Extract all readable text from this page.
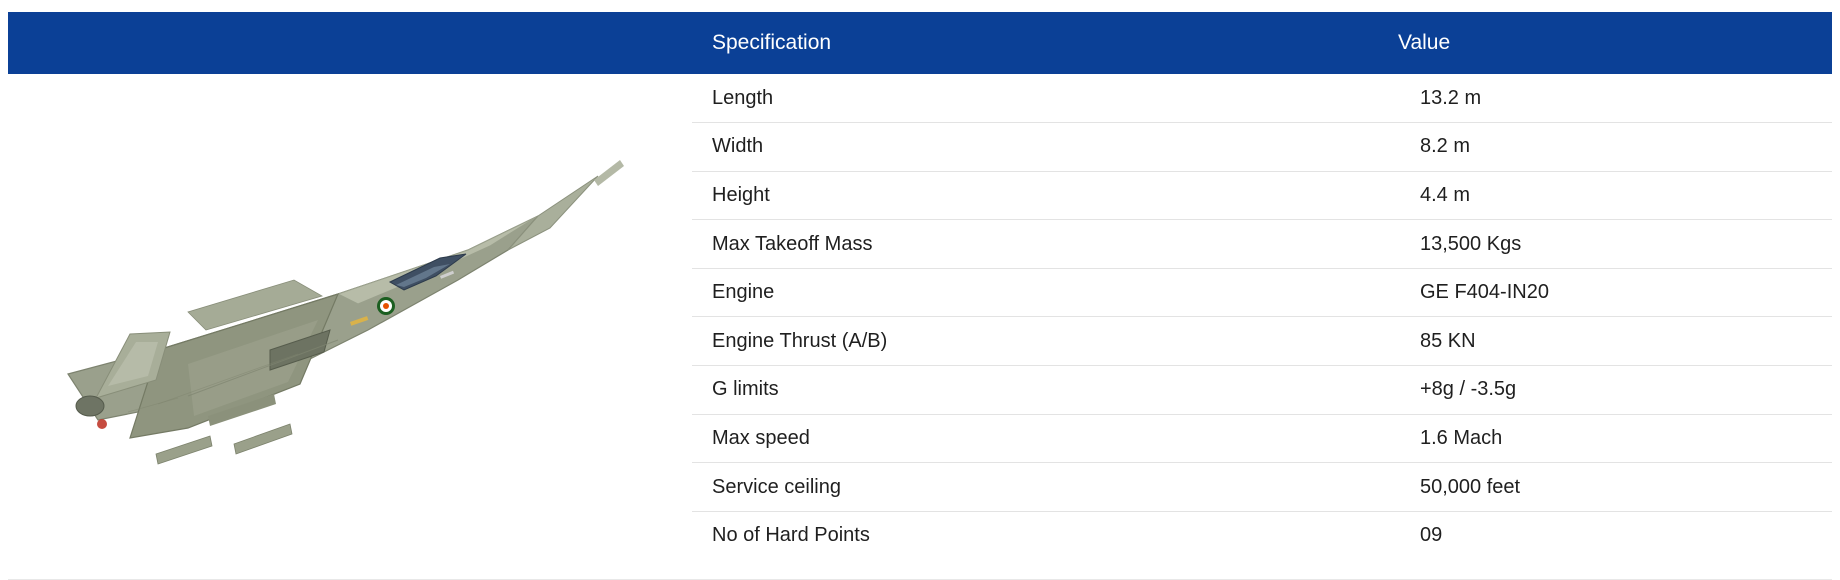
Specification	Value
Length	13.2 m
Width	8.2 m
Height	4.4 m
Max Takeoff Mass	13,500 Kgs
Engine	GE F404-IN20
Engine Thrust (A/B)	85 KN
G limits	+8g / -3.5g
Max speed	1.6 Mach
Service ceiling	50,000 feet
No of Hard Points	09
